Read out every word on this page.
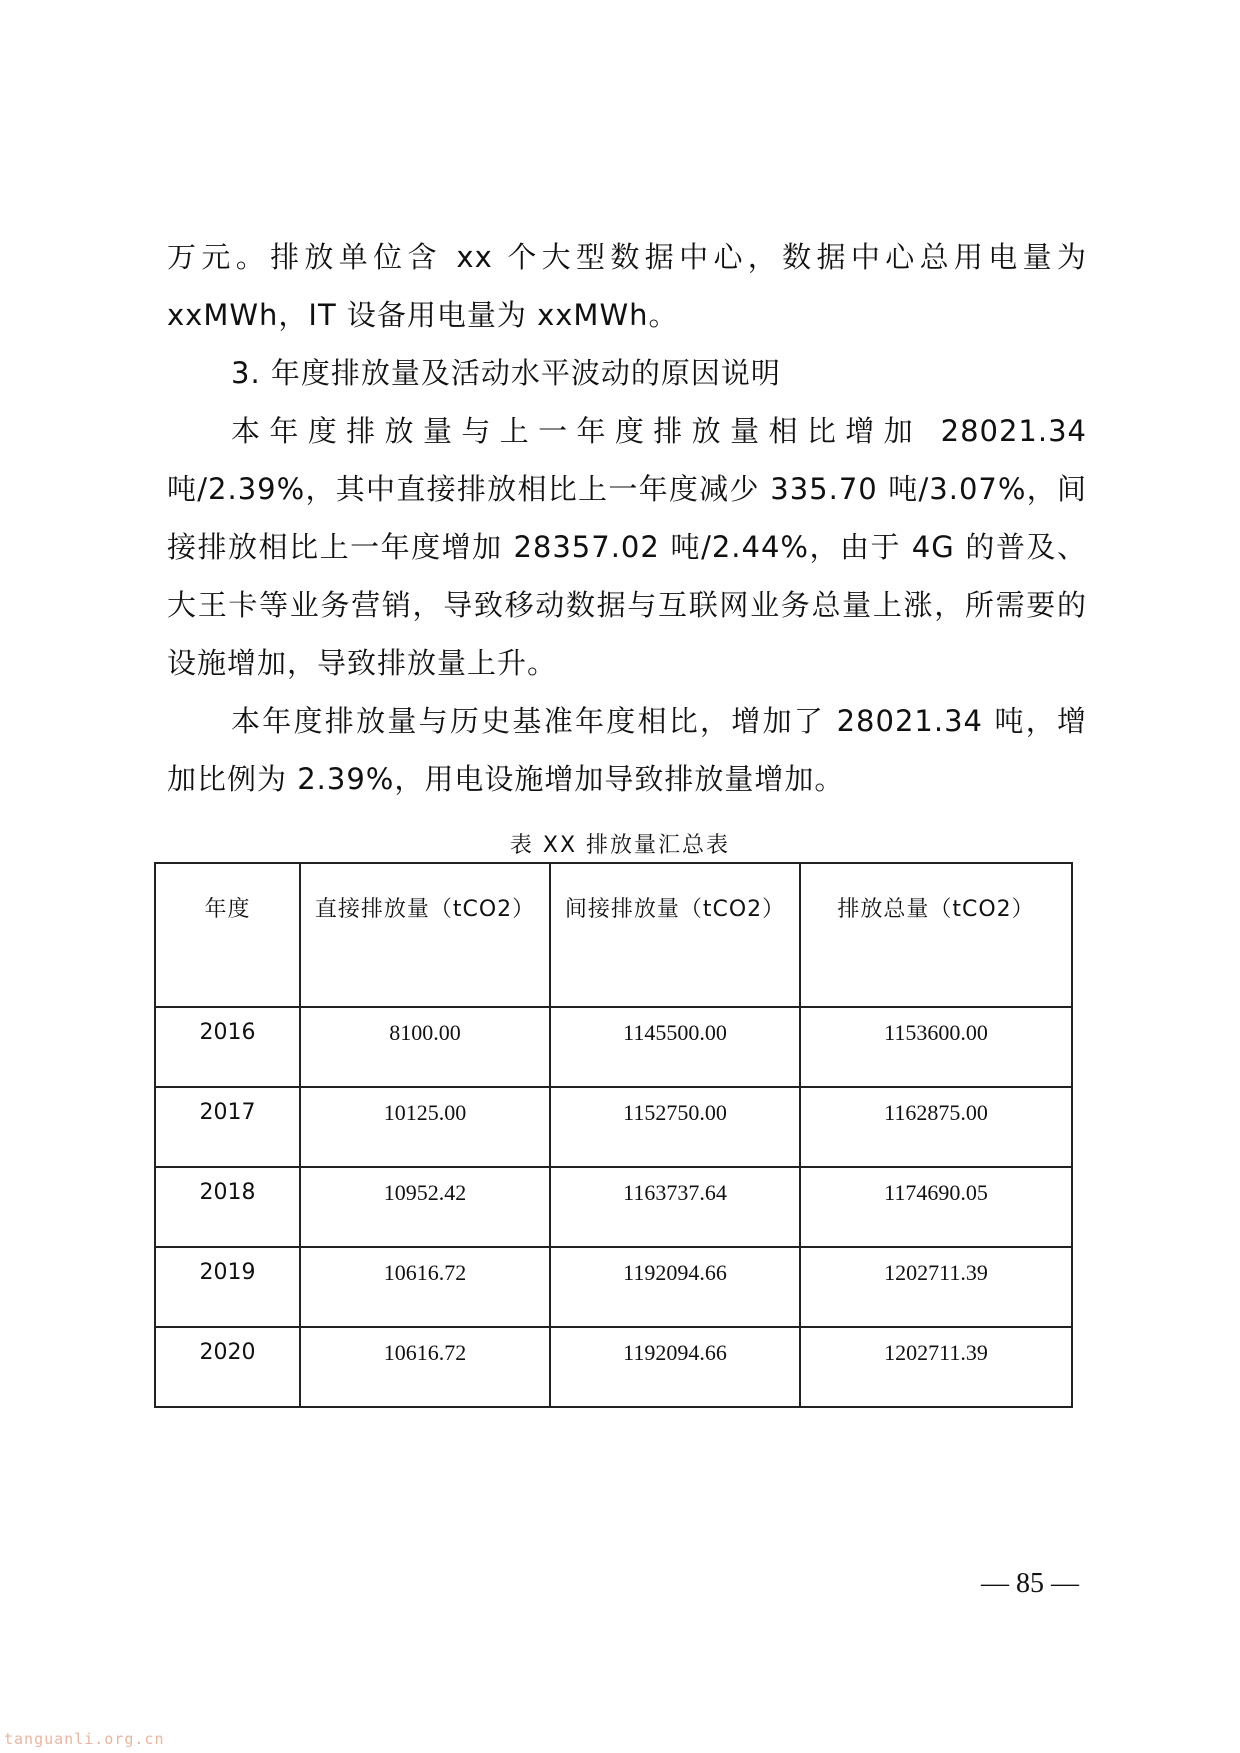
万元。排放单位含 xx 个大型数据中心，数据中心总用电量为 xxMWh，IT 设备用电量为 xxMWh。

3. 年度排放量及活动水平波动的原因说明

本年度排放量与上一年度排放量相比增加 28021.34 吨/2.39%，其中直接排放相比上一年度减少 335.70 吨/3.07%，间接排放相比上一年度增加 28357.02 吨/2.44%，由于 4G 的普及、大王卡等业务营销，导致移动数据与互联网业务总量上涨，所需要的设施增加，导致排放量上升。

本年度排放量与历史基准年度相比，增加了 28021.34 吨，增加比例为 2.39%，用电设施增加导致排放量增加。

表 XX 排放量汇总表
年度	直接排放量（tCO2）	间接排放量（tCO2）	排放总量（tCO2）
2016	8100.00	1145500.00	1153600.00
2017	10125.00	1152750.00	1162875.00
2018	10952.42	1163737.64	1174690.05
2019	10616.72	1192094.66	1202711.39
2020	10616.72	1192094.66	1202711.39
— 85 —
tanguanli.org.cn
